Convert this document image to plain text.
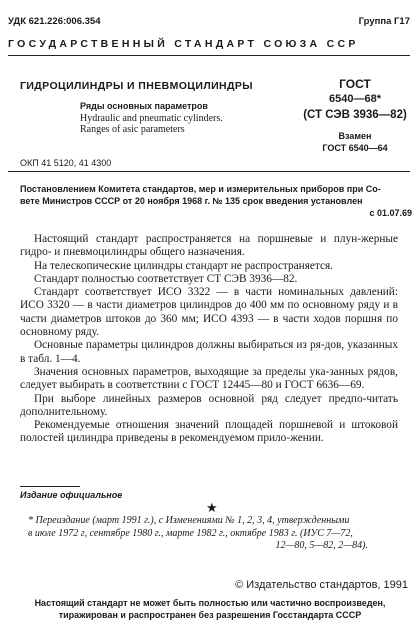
УДК 621.226:006.354	Группа Г17
ГОСУДАРСТВЕННЫЙ СТАНДАРТ СОЮЗА ССР
ГИДРОЦИЛИНДРЫ И ПНЕВМОЦИЛИНДРЫ
Ряды основных параметров
Hydraulic and pneumatic cylinders.
Ranges of asic parameters
ГОСТ
6540—68*
(СТ СЭВ 3936—82)
Взамен
ГОСТ 6540—64
ОКП 41 5120, 41 4300
Постановлением Комитета стандартов, мер и измерительных приборов при Со-
вете Министров СССР от 20 ноября 1968 г. № 135 срок введения установлен
с 01.07.69

Настоящий стандарт распространяется на поршневые и плун-жерные гидро- и пневмоцилиндры общего назначения.

На телескопические цилиндры стандарт не распространяется.

Стандарт полностью соответствует СТ СЭВ 3936—82.

Стандарт соответствует ИСО 3322 — в части номинальных давлений: ИСО 3320 — в части диаметров цилиндров до 400 мм по основному ряду и в части диаметров штоков до 360 мм; ИСО 4393 — в части ходов поршня по основному ряду.

Основные параметры цилиндров должны выбираться из ря-дов, указанных в табл. 1—4.

Значения основных параметров, выходящие за пределы ука-занных рядов, следует выбирать в соответствии с ГОСТ 12445—80 и ГОСТ 6636—69.

При выборе линейных размеров основной ряд следует предпо-читать дополнительному.

Рекомендуемые отношения значений площадей поршневой и штоковой полостей цилиндра приведены в рекомендуемом прило-жении.

Издание официальное
★
* Переиздание (март 1991 г.), с Изменениями № 1, 2, 3, 4, утвержденными
в июле 1972 г, сентябре 1980 г., марте 1982 г., октябре 1983 г. (ИУС 7—72,
12—80, 5—82, 2—84).
© Издательство стандартов, 1991
Настоящий стандарт не может быть полностью или частично воспроизведен,
тиражирован и распространен без разрешения Госстандарта СССР
